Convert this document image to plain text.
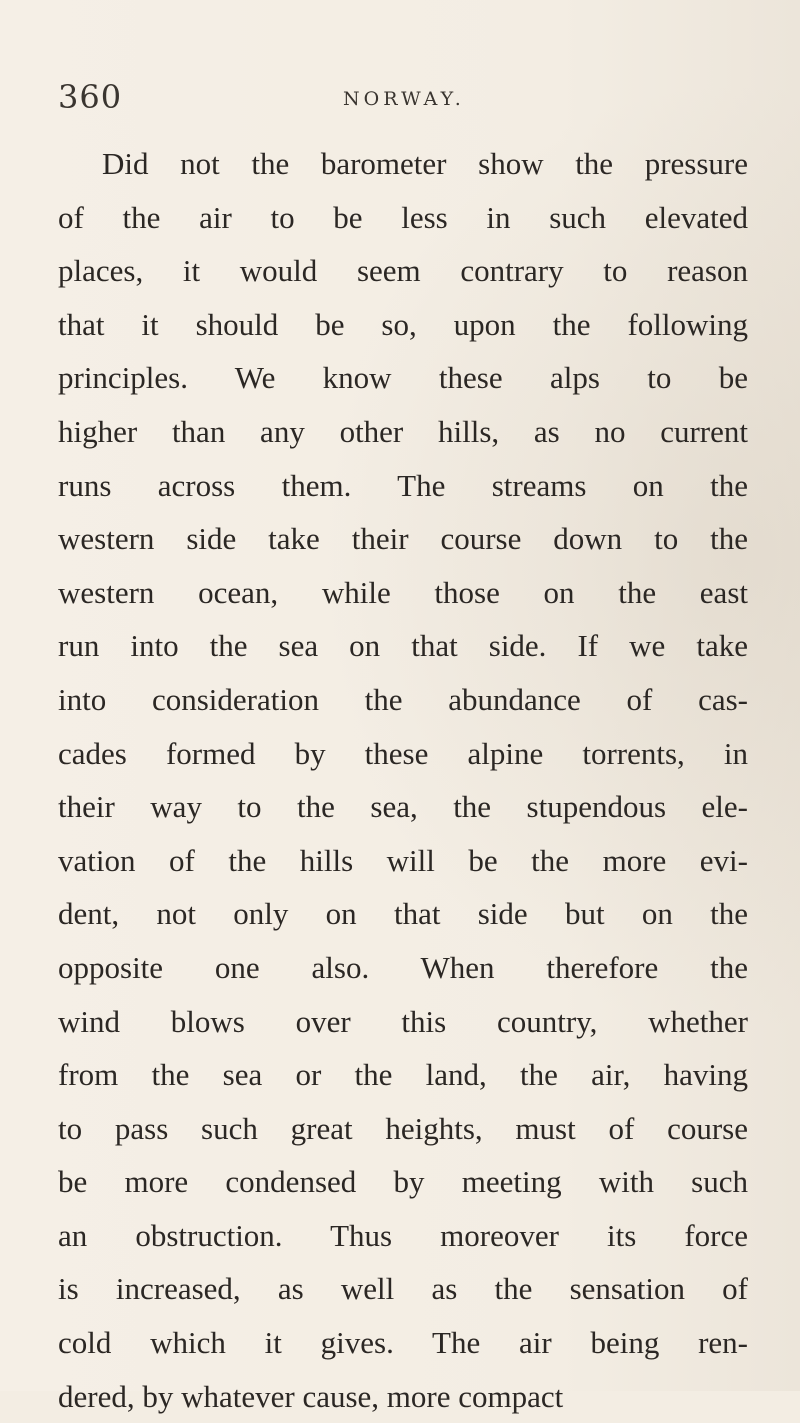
360	NORWAY.
Did not the barometer show the pressure
of the air to be less in such elevated
places, it would seem contrary to reason
that it should be so, upon the following
principles. We know these alps to be
higher than any other hills, as no current
runs across them. The streams on the
western side take their course down to the
western ocean, while those on the east
run into the sea on that side. If we take
into consideration the abundance of cas-
cades formed by these alpine torrents, in
their way to the sea, the stupendous ele-
vation of the hills will be the more evi-
dent, not only on that side but on the
opposite one also. When therefore the
wind blows over this country, whether
from the sea or the land, the air, having
to pass such great heights, must of course
be more condensed by meeting with such
an obstruction. Thus moreover its force
is increased, as well as the sensation of
cold which it gives. The air being ren-
dered, by whatever cause, more compact
